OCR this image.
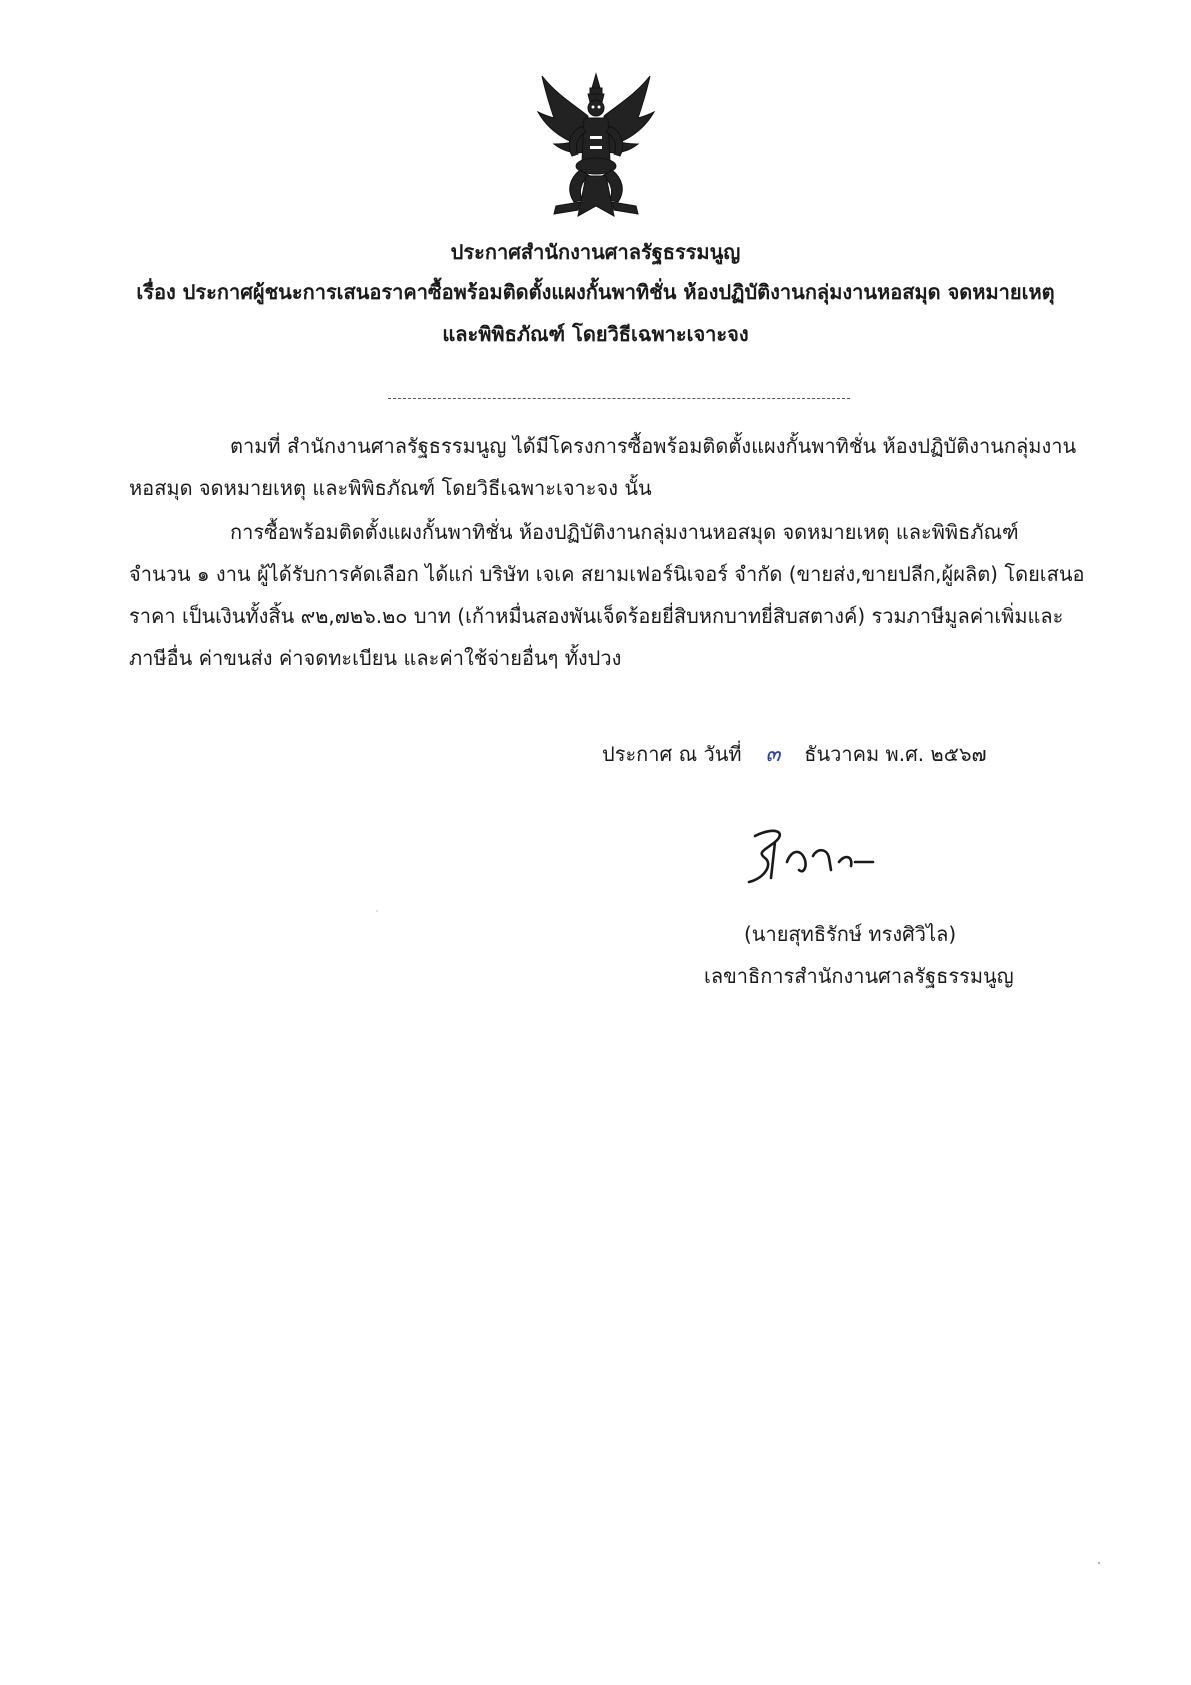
ประกาศสำนักงานศาลรัฐธรรมนูญ
เรื่อง ประกาศผู้ชนะการเสนอราคาซื้อพร้อมติดตั้งแผงกั้นพาทิชั่น ห้องปฏิบัติงานกลุ่มงานหอสมุด จดหมายเหตุ
และพิพิธภัณฑ์ โดยวิธีเฉพาะเจาะจง
ตามที่ สำนักงานศาลรัฐธรรมนูญ ได้มีโครงการซื้อพร้อมติดตั้งแผงกั้นพาทิชั่น ห้องปฏิบัติงานกลุ่มงาน
หอสมุด จดหมายเหตุ และพิพิธภัณฑ์ โดยวิธีเฉพาะเจาะจง นั้น
การซื้อพร้อมติดตั้งแผงกั้นพาทิชั่น ห้องปฏิบัติงานกลุ่มงานหอสมุด จดหมายเหตุ และพิพิธภัณฑ์
จำนวน ๑ งาน ผู้ได้รับการคัดเลือก ได้แก่ บริษัท เจเค สยามเฟอร์นิเจอร์ จำกัด (ขายส่ง,ขายปลีก,ผู้ผลิต) โดยเสนอ
ราคา เป็นเงินทั้งสิ้น ๙๒,๗๒๖.๒๐ บาท (เก้าหมื่นสองพันเจ็ดร้อยยี่สิบหกบาทยี่สิบสตางค์) รวมภาษีมูลค่าเพิ่มและ
ภาษีอื่น ค่าขนส่ง ค่าจดทะเบียน และค่าใช้จ่ายอื่นๆ ทั้งปวง
ประกาศ ณ วันที่ ๓ ธันวาคม พ.ศ. ๒๕๖๗
(นายสุทธิรักษ์ ทรงศิวิไล)
เลขาธิการสำนักงานศาลรัฐธรรมนูญ
